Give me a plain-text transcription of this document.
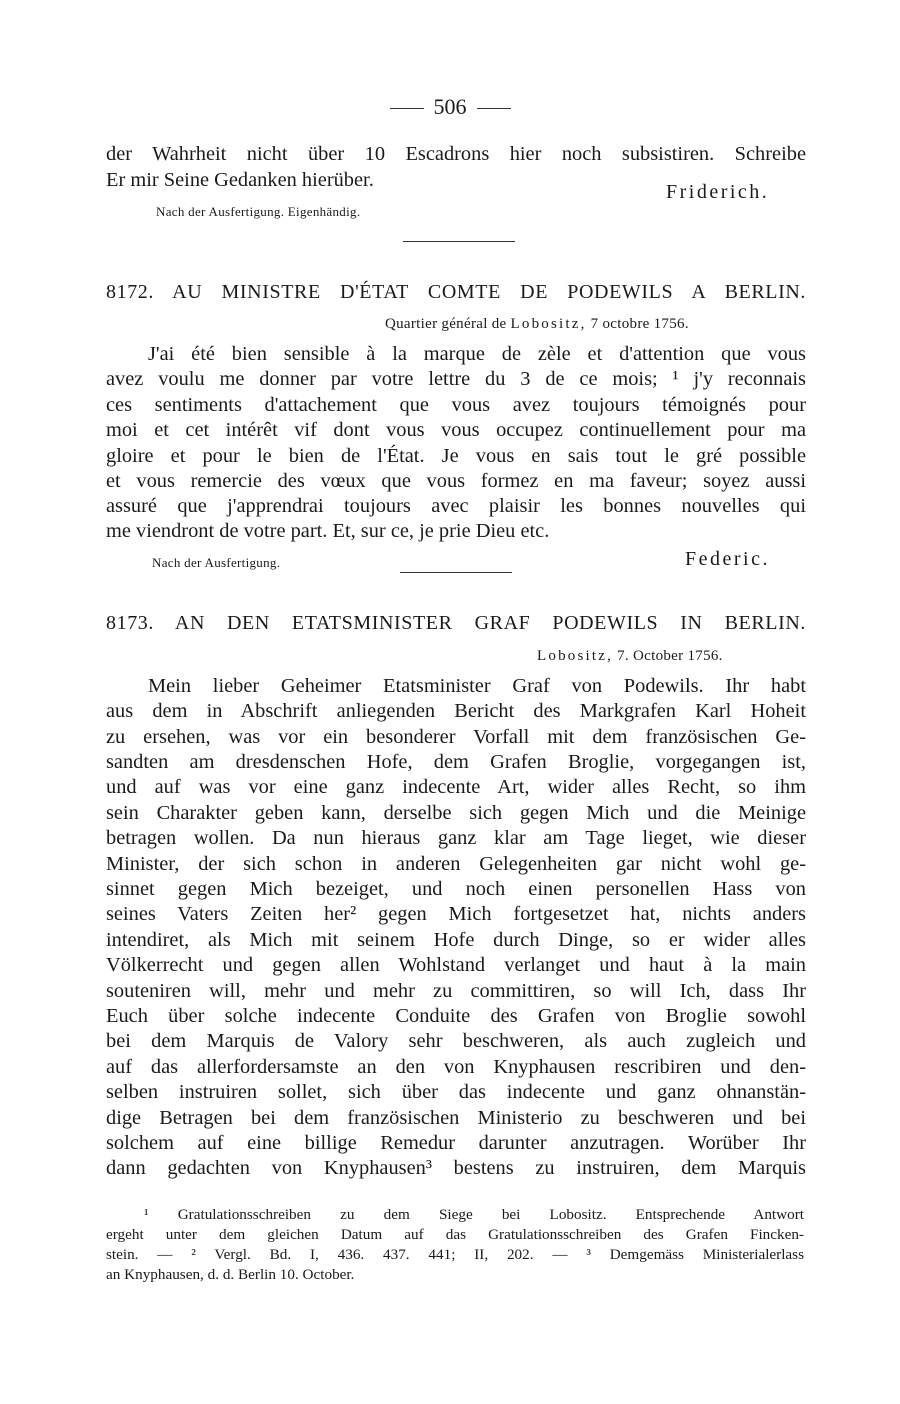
506
der Wahrheit nicht über 10 Escadrons hier noch subsistiren. Schreibe
Er mir Seine Gedanken hierüber.
Friderich.
Nach der Ausfertigung. Eigenhändig.
8172. AU MINISTRE D'ÉTAT COMTE DE PODEWILS A BERLIN.
Quartier général de Lobositz, 7 octobre 1756.
J'ai été bien sensible à la marque de zèle et d'attention que vous
avez voulu me donner par votre lettre du 3 de ce mois; ¹ j'y reconnais
ces sentiments d'attachement que vous avez toujours témoignés pour
moi et cet intérêt vif dont vous vous occupez continuellement pour ma
gloire et pour le bien de l'État. Je vous en sais tout le gré possible
et vous remercie des vœux que vous formez en ma faveur; soyez aussi
assuré que j'apprendrai toujours avec plaisir les bonnes nouvelles qui
me viendront de votre part. Et, sur ce, je prie Dieu etc.
Nach der Ausfertigung.	Federic.
8173. AN DEN ETATSMINISTER GRAF PODEWILS IN BERLIN.
Lobositz, 7. October 1756.
Mein lieber Geheimer Etatsminister Graf von Podewils. Ihr habt
aus dem in Abschrift anliegenden Bericht des Markgrafen Karl Hoheit
zu ersehen, was vor ein besonderer Vorfall mit dem französischen Ge-
sandten am dresdenschen Hofe, dem Grafen Broglie, vorgegangen ist,
und auf was vor eine ganz indecente Art, wider alles Recht, so ihm
sein Charakter geben kann, derselbe sich gegen Mich und die Meinige
betragen wollen. Da nun hieraus ganz klar am Tage lieget, wie dieser
Minister, der sich schon in anderen Gelegenheiten gar nicht wohl ge-
sinnet gegen Mich bezeiget, und noch einen personellen Hass von
seines Vaters Zeiten her² gegen Mich fortgesetzet hat, nichts anders
intendiret, als Mich mit seinem Hofe durch Dinge, so er wider alles
Völkerrecht und gegen allen Wohlstand verlanget und haut à la main
souteniren will, mehr und mehr zu committiren, so will Ich, dass Ihr
Euch über solche indecente Conduite des Grafen von Broglie sowohl
bei dem Marquis de Valory sehr beschweren, als auch zugleich und
auf das allerfordersamste an den von Knyphausen rescribiren und den-
selben instruiren sollet, sich über das indecente und ganz ohnanstän-
dige Betragen bei dem französischen Ministerio zu beschweren und bei
solchem auf eine billige Remedur darunter anzutragen. Worüber Ihr
dann gedachten von Knyphausen³ bestens zu instruiren, dem Marquis
¹ Gratulationsschreiben zu dem Siege bei Lobositz. Entsprechende Antwort
ergeht unter dem gleichen Datum auf das Gratulationsschreiben des Grafen Fincken-
stein. — ² Vergl. Bd. I, 436. 437. 441; II, 202. — ³ Demgemäss Ministerialerlass
an Knyphausen, d. d. Berlin 10. October.
